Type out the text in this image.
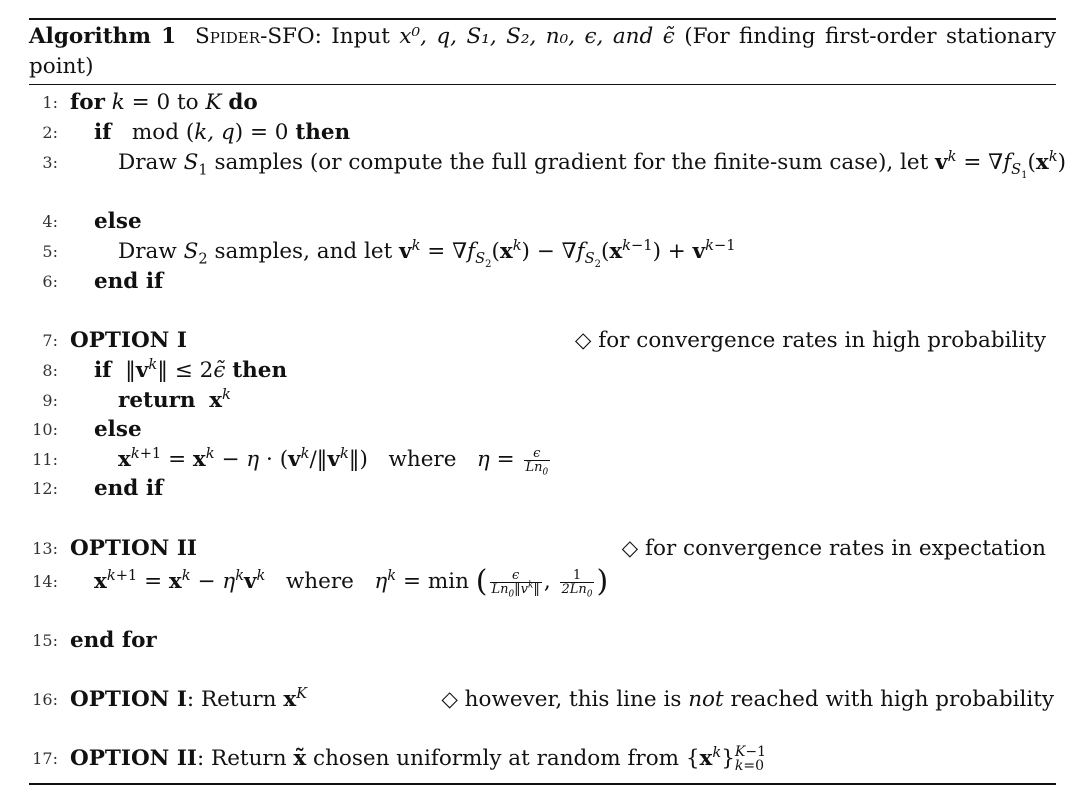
Algorithm 1 Spider-SFO: Input x⁰, q, S₁, S₂, n₀, ϵ, and ϵ̃ (For finding first-order stationary point)
1: for k = 0 to K do
2: if   mod (k, q) = 0 then
3:	Draw $S_1$ samples (or compute the full gradient for the finite-sum case), let $v^k = \nabla f_{S_1}(x^k)$
4: else
5:	Draw $S_2$ samples, and let $v^k = \nabla f_{S_2}(x^k) - \nabla f_{S_2}(x^{k-1}) + v^{k-1}$
6: end if
7: OPTION I	◇ for convergence rates in high probability
8: if  $‖v^k‖$ ≤ 2ϵ̃ then
9:	return $x^k$
10: else
11:	$x^{k+1} = x^k - \eta$ · $(v^k/‖v^k‖)$   where   $\eta = \frac{\epsilon}{Ln_0}$
12: end if
13: OPTION II	◇ for convergence rates in expectation
14: $x^{k+1} = x^k - \eta^kv^k$   where   $\eta^k = \min$ ( $\frac{\epsilon}{Ln_0‖v^k‖}$ , $\frac{1}{2Ln_0}$ )
15: end for
16: OPTION I: Return $x^K$	◇ however, this line is not reached with high probability
17: OPTION II: Return x̃ chosen uniformly at random from $\{x^k\}$ K−1
k=0
